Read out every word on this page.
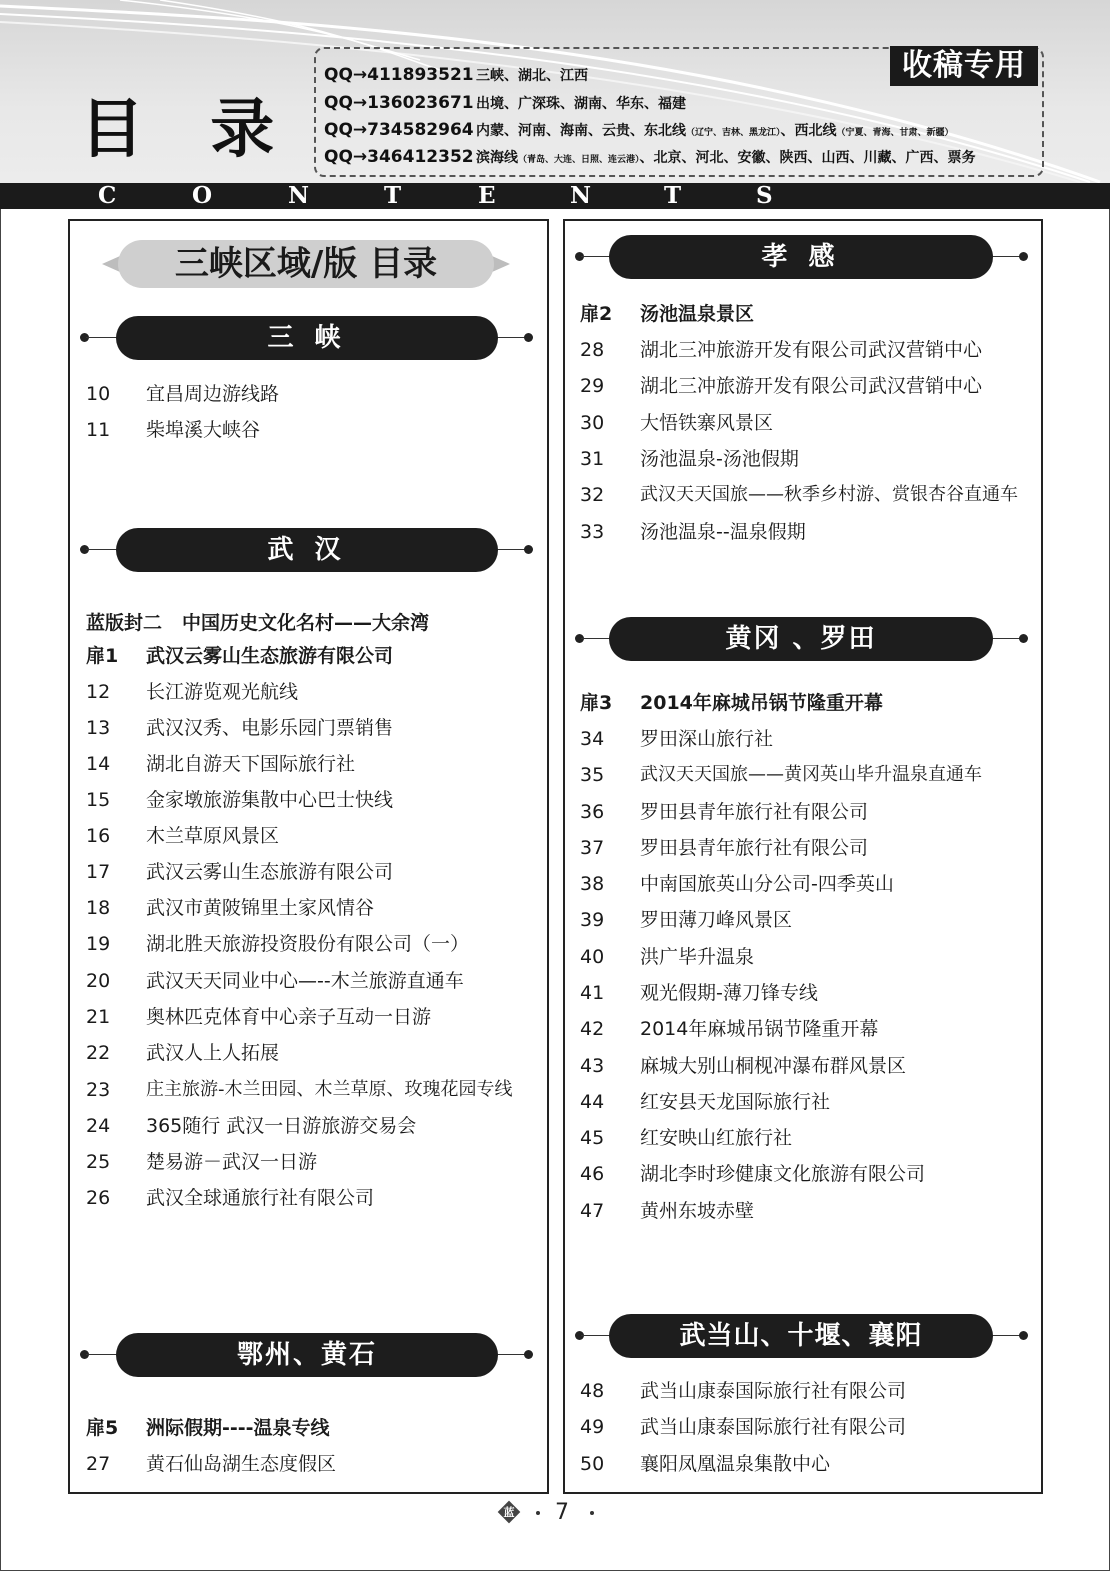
目 录
QQ→411893521 三峡、湖北、江西
QQ→136023671 出境、广深珠、湖南、华东、福建
QQ→734582964 内蒙、河南、海南、云贵、东北线（辽宁、吉林、黑龙江）、西北线（宁夏、青海、甘肃、新疆）
QQ→346412352 滨海线（青岛、大连、日照、连云港）、北京、河北、安徽、陕西、山西、川藏、广西、票务
收稿专用
C	O	N	T	E	N	T	S
三峡区域/版 目录
三 峡
10 宜昌周边游线路
11 柴埠溪大峡谷
武 汉
蓝版封二 中国历史文化名村——大余湾
扉1 武汉云雾山生态旅游有限公司
12 长江游览观光航线
13 武汉汉秀、电影乐园门票销售
14 湖北自游天下国际旅行社
15 金家墩旅游集散中心巴士快线
16 木兰草原风景区
17 武汉云雾山生态旅游有限公司
18 武汉市黄陂锦里土家风情谷
19 湖北胜天旅游投资股份有限公司（一）
20 武汉天天同业中心—--木兰旅游直通车
21 奥林匹克体育中心亲子互动一日游
22 武汉人上人拓展
23 庄主旅游-木兰田园、木兰草原、玫瑰花园专线
24 365随行 武汉一日游旅游交易会
25 楚易游－武汉一日游
26 武汉全球通旅行社有限公司
鄂州、黄石
扉5 洲际假期----温泉专线
27 黄石仙岛湖生态度假区
孝 感
扉2 汤池温泉景区
28 湖北三冲旅游开发有限公司武汉营销中心
29 湖北三冲旅游开发有限公司武汉营销中心
30 大悟铁寨风景区
31 汤池温泉-汤池假期
32 武汉天天国旅——秋季乡村游、赏银杏谷直通车
33 汤池温泉--温泉假期
黄冈 、罗田
扉3 2014年麻城吊锅节隆重开幕
34 罗田深山旅行社
35 武汉天天国旅——黄冈英山毕升温泉直通车
36 罗田县青年旅行社有限公司
37 罗田县青年旅行社有限公司
38 中南国旅英山分公司-四季英山
39 罗田薄刀峰风景区
40 洪广毕升温泉
41 观光假期-薄刀锋专线
42 2014年麻城吊锅节隆重开幕
43 麻城大别山桐枧冲瀑布群风景区
44 红安县天龙国际旅行社
45 红安映山红旅行社
46 湖北李时珍健康文化旅游有限公司
47 黄州东坡赤壁
武当山、十堰、襄阳
48 武当山康泰国际旅行社有限公司
49 武当山康泰国际旅行社有限公司
50 襄阳凤凰温泉集散中心
蓝 7
